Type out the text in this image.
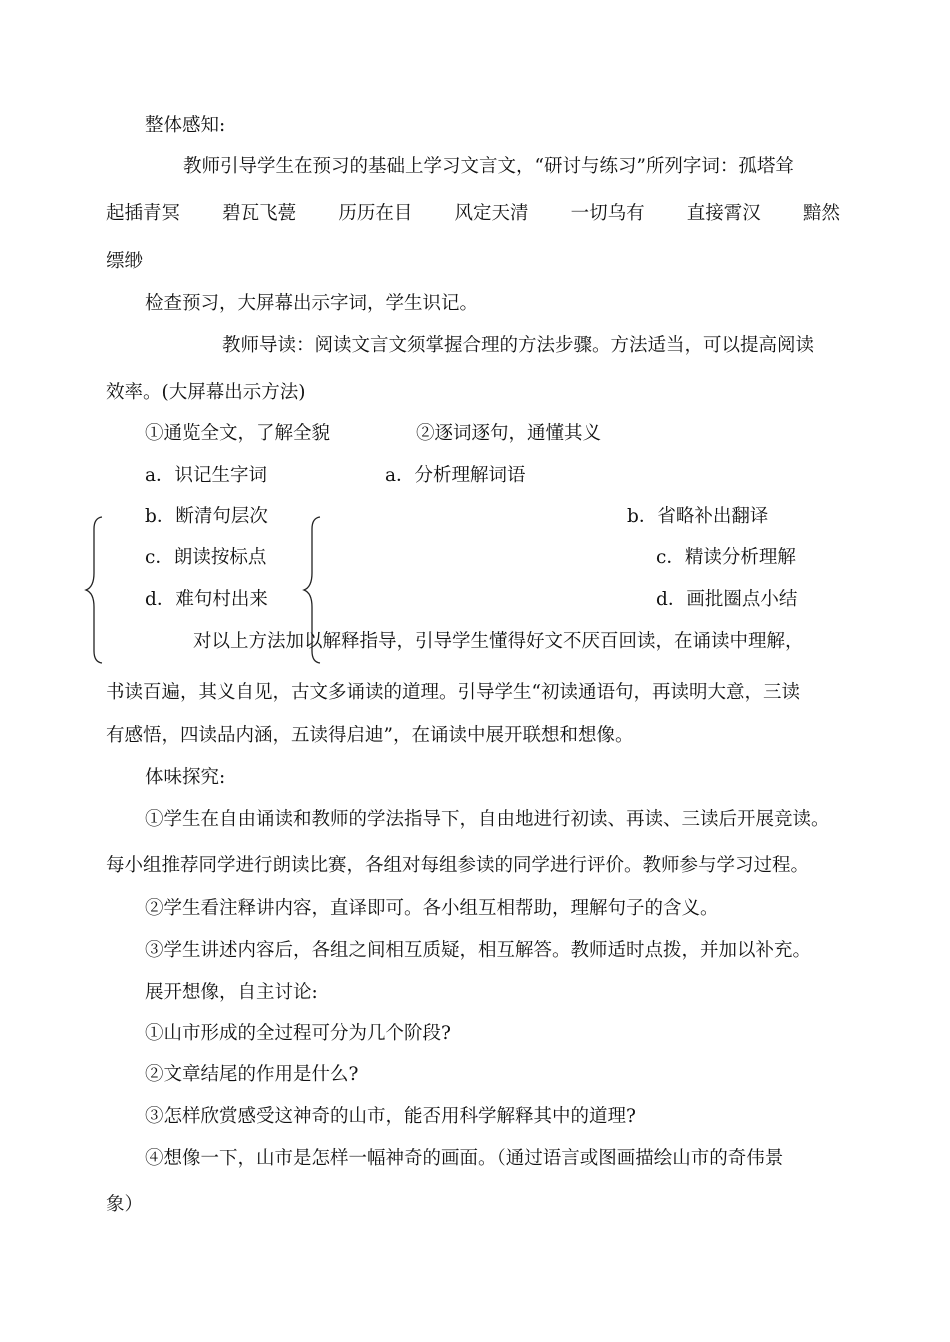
整体感知:
教师引导学生在预习的基础上学习文言文，“研讨与练习”所列字词：孤塔耸
起插青冥 碧瓦飞甍 历历在目 风定天清 一切乌有 直接霄汉 黯然
缥缈
检查预习，大屏幕出示字词，学生识记。
教师导读：阅读文言文须掌握合理的方法步骤。方法适当，可以提高阅读
效率。(大屏幕出示方法)
①通览全文，了解全貌	②逐词逐句，通懂其义
a．识记生字词	a．分析理解词语
b．断清句层次	b．省略补出翻译
c．朗读按标点	c．精读分析理解
d．难句村出来	d．画批圈点小结
对以上方法加以解释指导，引导学生懂得好文不厌百回读，在诵读中理解，
书读百遍，其义自见，古文多诵读的道理。引导学生“初读通语句，再读明大意，三读
有感悟，四读品内涵，五读得启迪”，在诵读中展开联想和想像。
体味探究:
①学生在自由诵读和教师的学法指导下，自由地进行初读、再读、三读后开展竞读。
每小组推荐同学进行朗读比赛，各组对每组参读的同学进行评价。教师参与学习过程。
②学生看注释讲内容，直译即可。各小组互相帮助，理解句子的含义。
③学生讲述内容后，各组之间相互质疑，相互解答。教师适时点拨，并加以补充。
展开想像，自主讨论:
①山市形成的全过程可分为几个阶段?
②文章结尾的作用是什么?
③怎样欣赏感受这神奇的山市，能否用科学解释其中的道理?
④想像一下，山市是怎样一幅神奇的画面。（通过语言或图画描绘山市的奇伟景
象）
